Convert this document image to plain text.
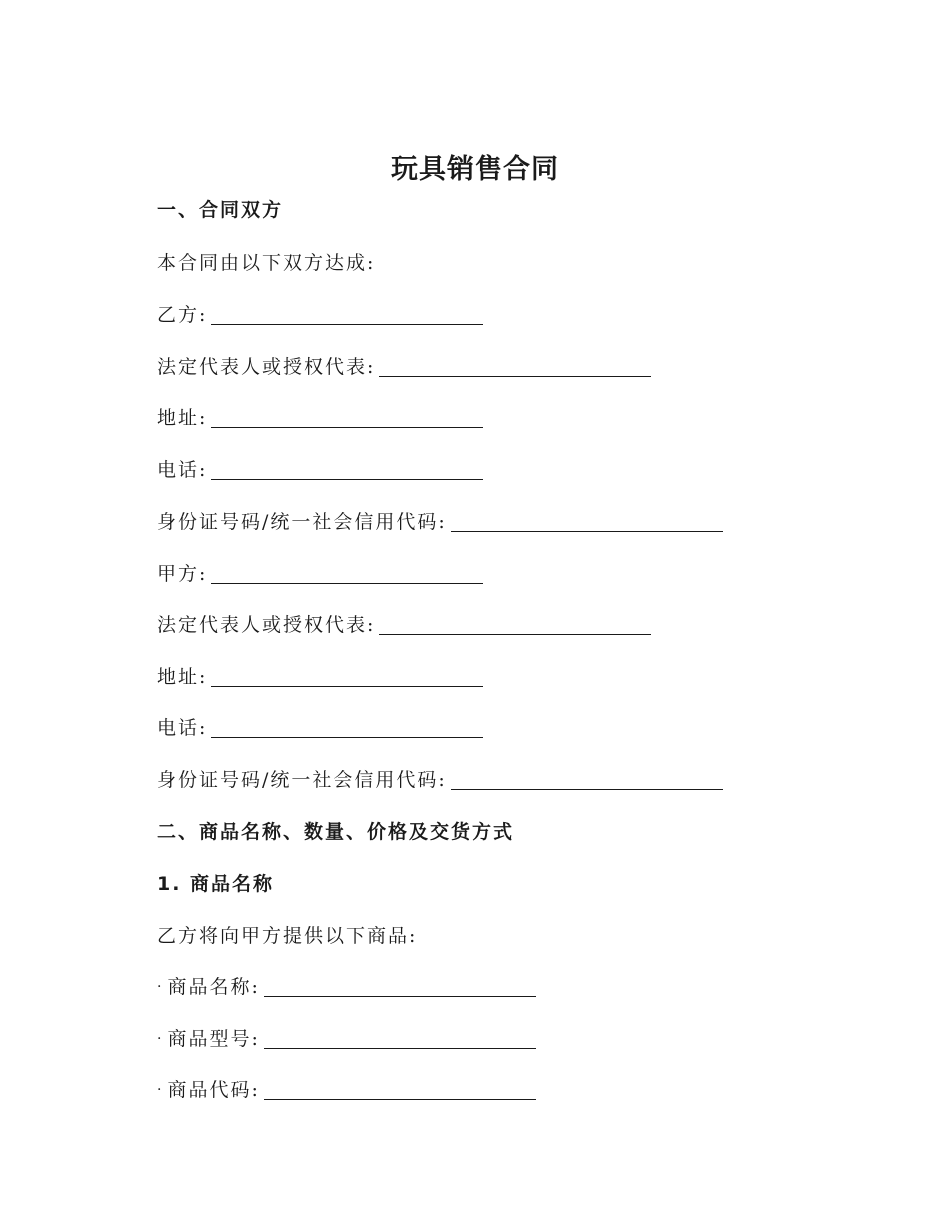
玩具销售合同
一、合同双方
本合同由以下双方达成:
乙方:
法定代表人或授权代表:
地址:
电话:
身份证号码/统一社会信用代码:
甲方:
法定代表人或授权代表:
地址:
电话:
身份证号码/统一社会信用代码:
二、商品名称、数量、价格及交货方式
1. 商品名称
乙方将向甲方提供以下商品:
· 商品名称:
· 商品型号:
· 商品代码:
